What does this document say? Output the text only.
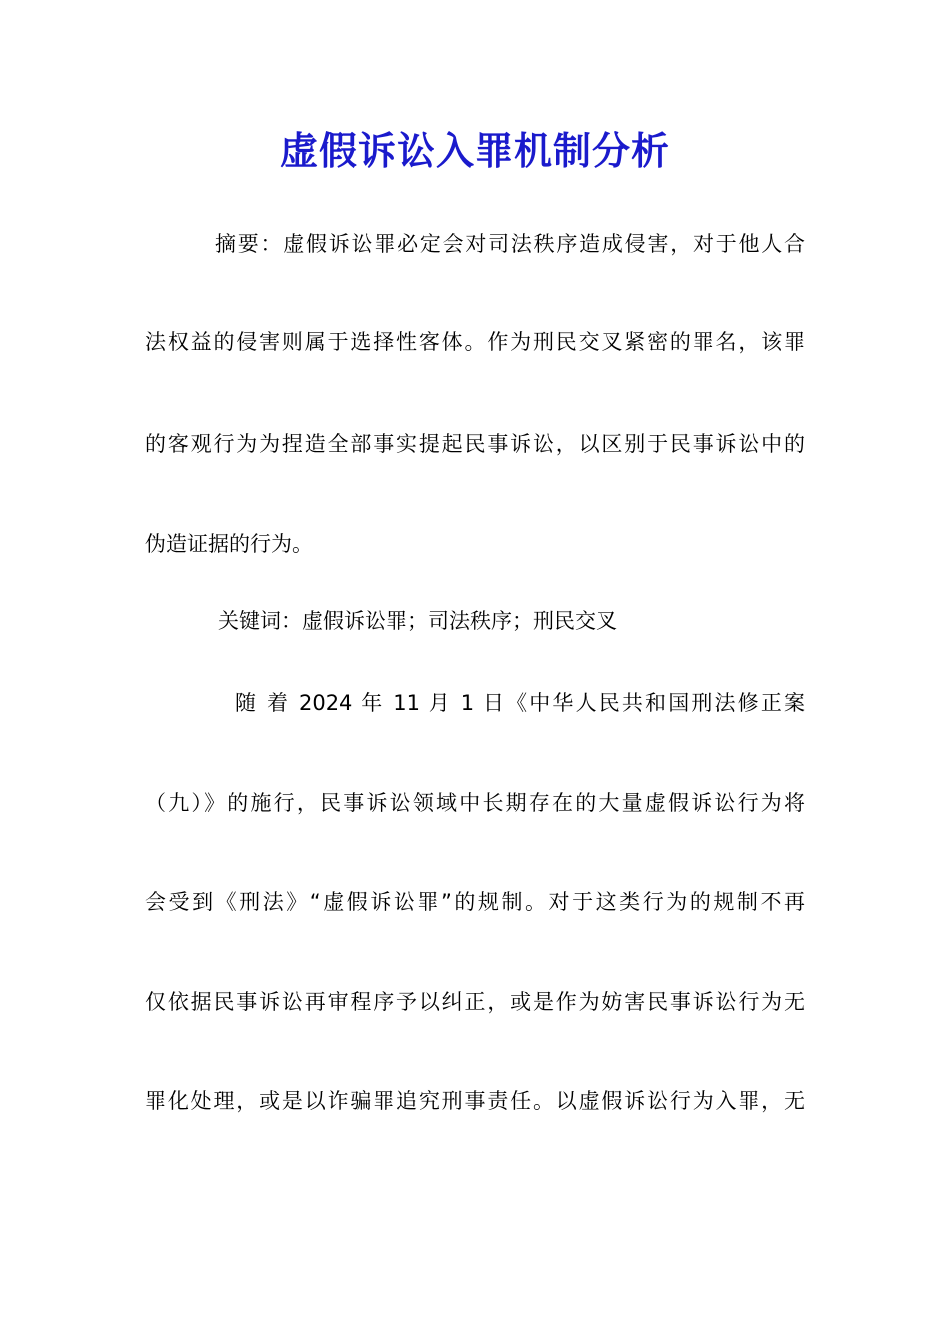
虚假诉讼入罪机制分析
摘要：虚假诉讼罪必定会对司法秩序造成侵害，对于他人合
法权益的侵害则属于选择性客体。作为刑民交叉紧密的罪名，该罪
的客观行为为捏造全部事实提起民事诉讼，以区别于民事诉讼中的
伪造证据的行为。
关键词：虚假诉讼罪；司法秩序；刑民交叉
随 着 2024 年 11 月 1 日《中华人民共和国刑法修正案
（九）》的施行，民事诉讼领域中长期存在的大量虚假诉讼行为将
会受到《刑法》“虚假诉讼罪”的规制。对于这类行为的规制不再
仅依据民事诉讼再审程序予以纠正，或是作为妨害民事诉讼行为无
罪化处理，或是以诈骗罪追究刑事责任。以虚假诉讼行为入罪，无
